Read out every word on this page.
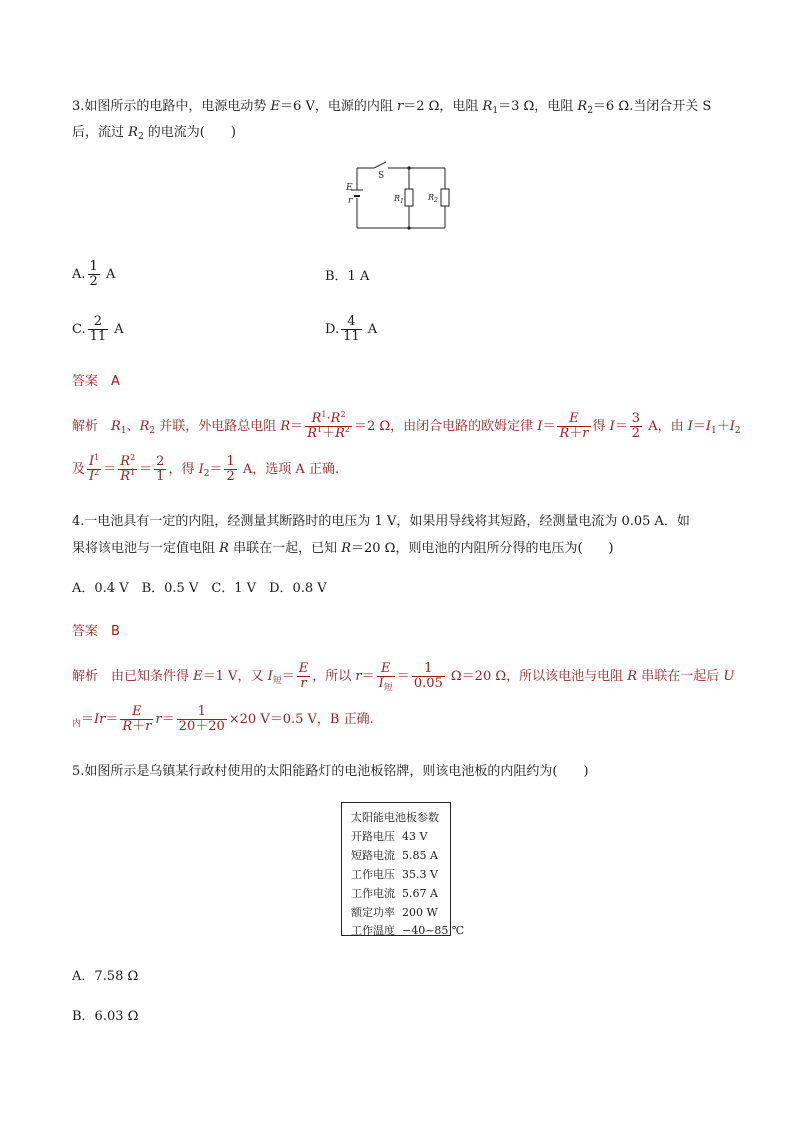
3.如图所示的电路中，电源电动势 E＝6 V，电源的内阻 r＝2 Ω，电阻 $R_1=3$ Ω，电阻 $R_2=6$ Ω.当闭合开关 S
后，流过 $R_2$ 的电流为(　　)
S
E
r	$R_1$	$R_2$
A. $\frac{1}{2}$ A	B．1 A
C. $\frac{2}{11}$ A	D. $\frac{4}{11}$ A
答案　 A
解析　 $R_1$、$R_2$ 并联，外电路总电阻 $R= \frac{R^1\cdot R^2}{R^1+R^2} =2$ Ω，由闭合电路的欧姆定律 $I= \frac{E}{R+r}$ 得 $I= \frac{3}{2}$ A，由 $I=I_1+I_2$
及 $\frac{I^1}{I^2} = \frac{R^2}{R^1} = \frac{2}{1}$ ，得 $I_2= \frac{1}{2}$ A，选项 A 正确.
4.一电池具有一定的内阻，经测量其断路时的电压为 1 V，如果用导线将其短路，经测量电流为 0.05 A．如
果将该电池与一定值电阻 R 串联在一起，已知 R＝20 Ω，则电池的内阻所分得的电压为(　　)
A．0.4 V　B．0.5 V　C．1 V　D．0.8 V
答案　 B
解析　由已知条件得 E＝1 V，又 $I_短= \frac{E}{r}$ ，所以 $r= \frac{E}{I_短} = \frac{1}{0.05} \Omega=20$ Ω，所以该电池与电阻 R 串联在一起后 U
$_内=Ir= \frac{E}{R+r} r= \frac{1}{20+20} \times 20$ V＝0.5 V，B 正确.
5.如图所示是乌镇某行政村使用的太阳能路灯的电池板铭牌，则该电池板的内阻约为(　　)
太阳能电池板参数
开路电压 43 V
短路电流 5.85 A
工作电压 35.3 V
工作电流 5.67 A
额定功率 200 W
工作温度 −40~85 ℃
A．7.58 Ω
B．6.03 Ω
